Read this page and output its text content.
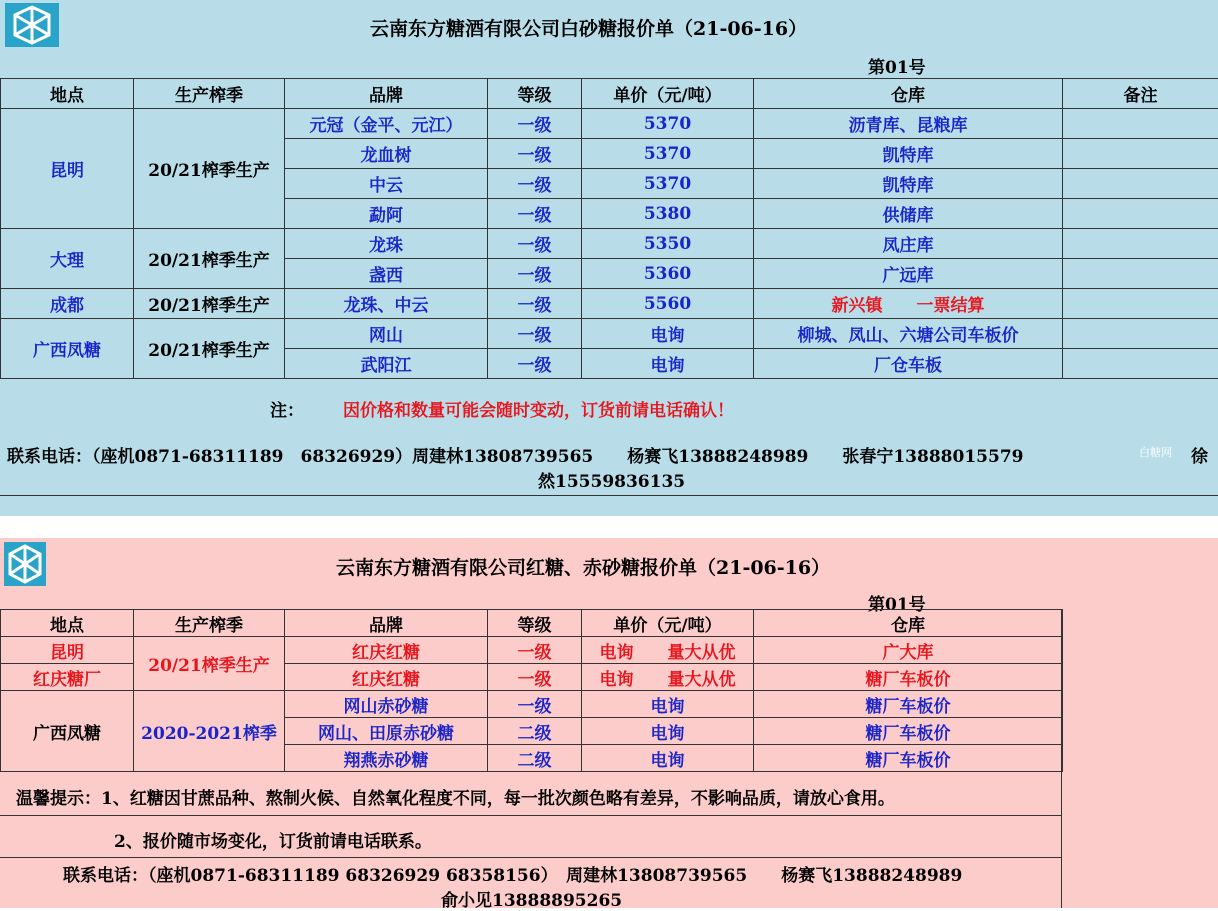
云南东方糖酒有限公司白砂糖报价单（21-06-16）
第01号
地点	生产榨季	品牌	等级	单价（元/吨）	仓库	备注
昆明	20/21榨季生产	元冠（金平、元江）	一级	5370	沥青库、昆粮库	
		龙血树	一级	5370	凯特库	
		中云	一级	5370	凯特库	
		勐阿	一级	5380	供储库	
大理	20/21榨季生产	龙珠	一级	5350	凤庄库	
		盏西	一级	5360	广远库	
成都	20/21榨季生产	龙珠、中云	一级	5560	新兴镇　　一票结算	
广西凤糖	20/21榨季生产	网山	一级	电询	柳城、凤山、六塘公司车板价	
		武阳江	一级	电询	厂仓车板	
注： 因价格和数量可能会随时变动，订货前请电话确认！
联系电话：（座机0871-68311189　68326929）周建林13808739565　　杨赛飞13888248989　　张春宁13888015579	白糖网 徐
然15559836135
云南东方糖酒有限公司红糖、赤砂糖报价单（21-06-16）
第01号
地点	生产榨季	品牌	等级	单价（元/吨）	仓库
昆明	20/21榨季生产	红庆红糖	一级	电询　　量大从优	广大库
红庆糖厂		红庆红糖	一级	电询　　量大从优	糖厂车板价
广西凤糖	2020-2021榨季	网山赤砂糖	一级	电询	糖厂车板价
		网山、田原赤砂糖	二级	电询	糖厂车板价
		翔燕赤砂糖	二级	电询	糖厂车板价
温馨提示：1、红糖因甘蔗品种、熬制火候、自然氧化程度不同，每一批次颜色略有差异，不影响品质，请放心食用。
2、报价随市场变化，订货前请电话联系。
联系电话：（座机0871-68311189 68326929 68358156）　周建林13808739565　　杨赛飞13888248989
俞小见13888895265
